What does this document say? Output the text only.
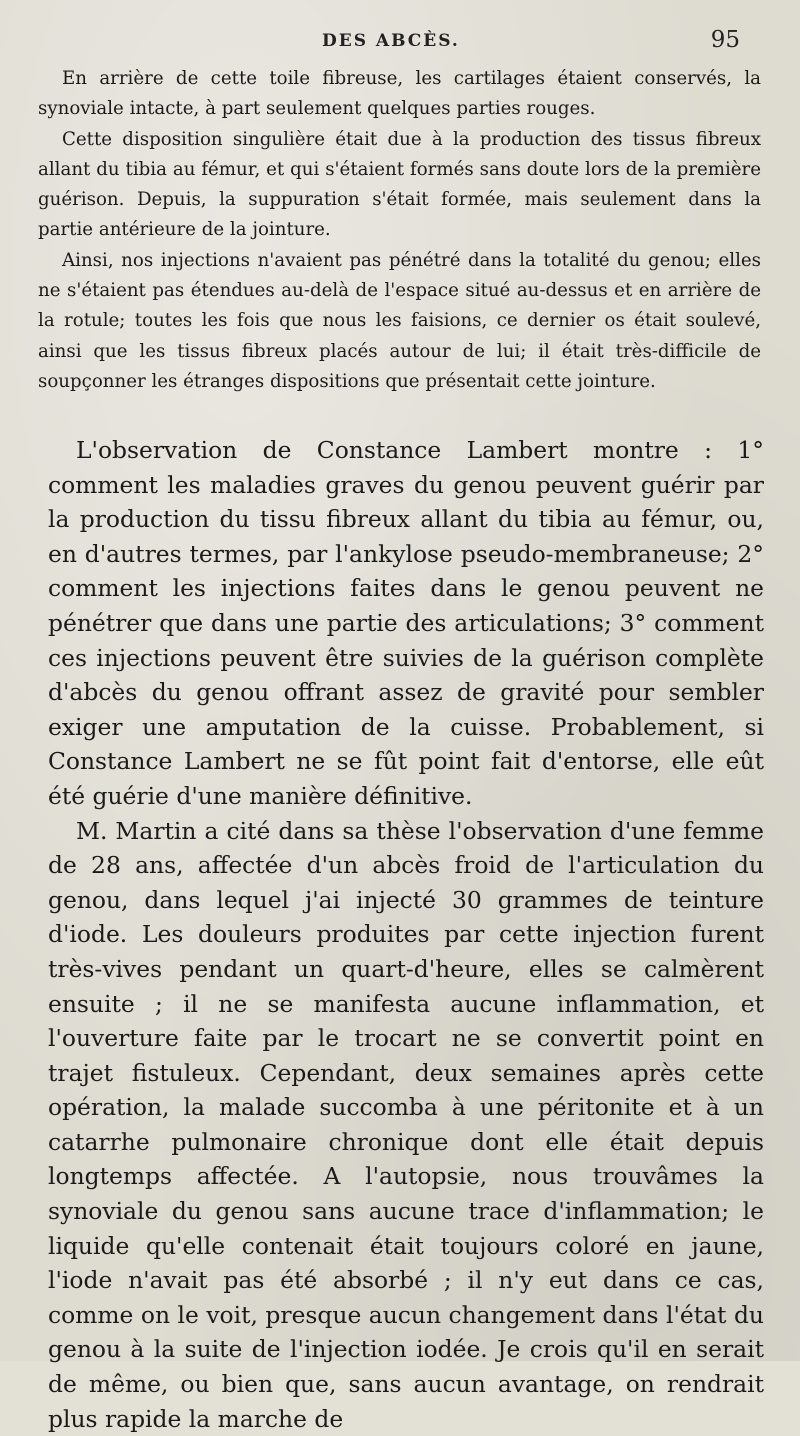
DES ABCÈS.	95

En arrière de cette toile fibreuse, les cartilages étaient conservés, la synoviale intacte, à part seulement quelques parties rouges.

Cette disposition singulière était due à la production des tissus fibreux allant du tibia au fémur, et qui s'étaient formés sans doute lors de la première guérison. Depuis, la suppuration s'était formée, mais seulement dans la partie antérieure de la jointure.

Ainsi, nos injections n'avaient pas pénétré dans la totalité du genou; elles ne s'étaient pas étendues au-delà de l'espace situé au-dessus et en arrière de la rotule; toutes les fois que nous les faisions, ce dernier os était soulevé, ainsi que les tissus fibreux placés autour de lui; il était très-difficile de soupçonner les étranges dispositions que présentait cette jointure.

L'observation de Constance Lambert montre : 1° comment les maladies graves du genou peuvent guérir par la production du tissu fibreux allant du tibia au fémur, ou, en d'autres termes, par l'ankylose pseudo-membraneuse; 2° comment les injections faites dans le genou peuvent ne pénétrer que dans une partie des articulations; 3° comment ces injections peuvent être suivies de la guérison complète d'abcès du genou offrant assez de gravité pour sembler exiger une amputation de la cuisse. Probablement, si Constance Lambert ne se fût point fait d'entorse, elle eût été guérie d'une manière définitive.

M. Martin a cité dans sa thèse l'observation d'une femme de 28 ans, affectée d'un abcès froid de l'articulation du genou, dans lequel j'ai injecté 30 grammes de teinture d'iode. Les douleurs produites par cette injection furent très-vives pendant un quart-d'heure, elles se calmèrent ensuite ; il ne se manifesta aucune inflammation, et l'ouverture faite par le trocart ne se convertit point en trajet fistuleux. Cependant, deux semaines après cette opération, la malade succomba à une péritonite et à un catarrhe pulmonaire chronique dont elle était depuis longtemps affectée. A l'autopsie, nous trouvâmes la synoviale du genou sans aucune trace d'inflammation; le liquide qu'elle contenait était toujours coloré en jaune, l'iode n'avait pas été absorbé ; il n'y eut dans ce cas, comme on le voit, presque aucun changement dans l'état du genou à la suite de l'injection iodée. Je crois qu'il en serait de même, ou bien que, sans aucun avantage, on rendrait plus rapide la marche de
